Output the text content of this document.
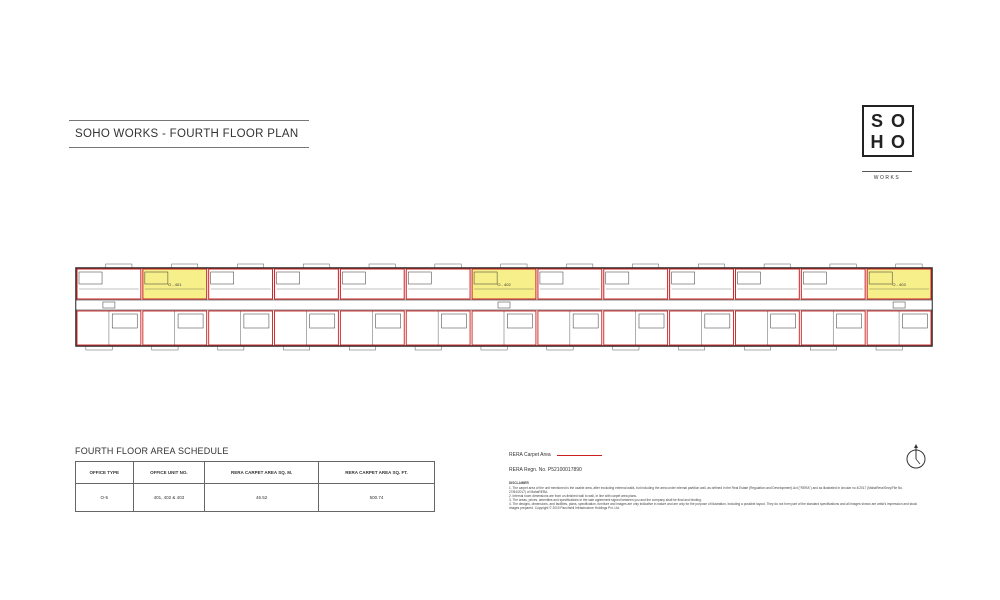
SOHO WORKS - FOURTH FLOOR PLAN
S O
H O
WORKS
O - 401	O - 402	O - 403
FOURTH FLOOR AREA SCHEDULE
OFFICE TYPE	OFFICE UNIT NO.	RERA CARPET AREA SQ. M.	RERA CARPET AREA SQ. FT.
O-5	401, 402 & 403	46.52	500.74
RERA Carpet Area
RERA Regn. No. P52100017890
DISCLAIMER
1. The carpet area of the unit mentioned is the usable area, after excluding external walls, but including the area under internal partition wall, as defined in the Real Estate (Regulation and Development) Act ("RERA") and as illustrated in circular no 4/2017 (MahaRera/Secy/File No. 27/84/2017) of MahaRERA.
2. Internal room dimensions are from un-finished wall to wall, in line with carpet area plans.
3. The areas, prices, amenities and specifications in the sale agreement signed between you and the company shall be final and binding.
4. The designs, dimensions, and facilities, plans, specification, furniture and images are only indicative in nature and are only for the purpose of illustration, including a possible layout. They do not form part of the standard specifications and all images shown are artist's impression and stock images prepared. Copyright © 2019 Panchshil Infrastructure Holdings Pvt. Ltd.
